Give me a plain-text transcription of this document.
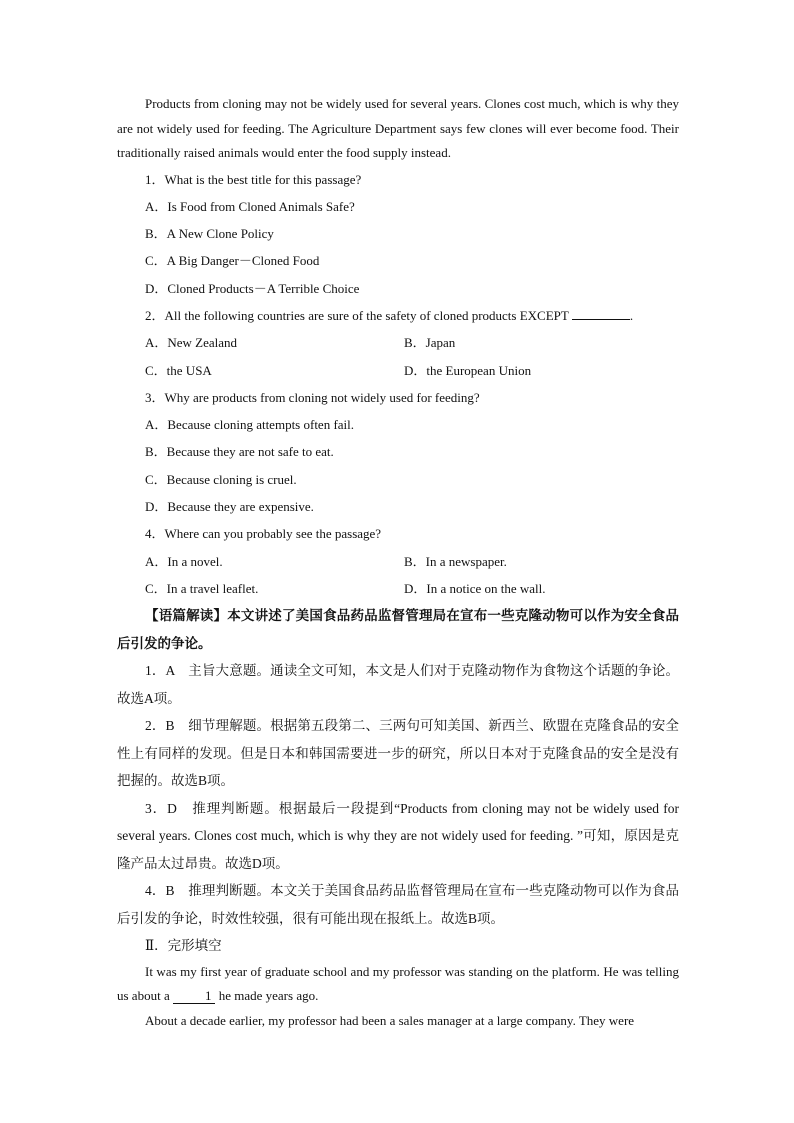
Products from cloning may not be widely used for several years. Clones cost much, which is why they are not widely used for feeding. The Agriculture Department says few clones will ever become food. Their traditionally raised animals would enter the food supply instead.

1．What is the best title for this passage?
A．Is Food from Cloned Animals Safe?
B．A New Clone Policy
C．A Big Danger－Cloned Food
D．Cloned Products－A Terrible Choice
2．All the following countries are sure of the safety of cloned products EXCEPT	.
A．New Zealand	B．Japan
C．the USA	D．the European Union
3．Why are products from cloning not widely used for feeding?
A．Because cloning attempts often fail.
B．Because they are not safe to eat.
C．Because cloning is cruel.
D．Because they are expensive.
4．Where can you probably see the passage?
A．In a novel.	B．In a newspaper.
C．In a travel leaflet.	D．In a notice on the wall.

【语篇解读】本文讲述了美国食品药品监督管理局在宣布一些克隆动物可以作为安全食品后引发的争论。

1．A　主旨大意题。通读全文可知，本文是人们对于克隆动物作为食物这个话题的争论。故选A项。

2．B　细节理解题。根据第五段第二、三两句可知美国、新西兰、欧盟在克隆食品的安全性上有同样的发现。但是日本和韩国需要进一步的研究，所以日本对于克隆食品的安全是没有把握的。故选B项。

3．D　推理判断题。根据最后一段提到“Products from cloning may not be widely used for several years. Clones cost much, which is why they are not widely used for feeding. ”可知，原因是克隆产品太过昂贵。故选D项。

4．B　推理判断题。本文关于美国食品药品监督管理局在宣布一些克隆动物可以作为食品后引发的争论，时效性较强，很有可能出现在报纸上。故选B项。

Ⅱ．完形填空

It was my first year of graduate school and my professor was standing on the platform. He was telling us about a 1 he made years ago.

About a decade earlier, my professor had been a sales manager at a large company. They were
